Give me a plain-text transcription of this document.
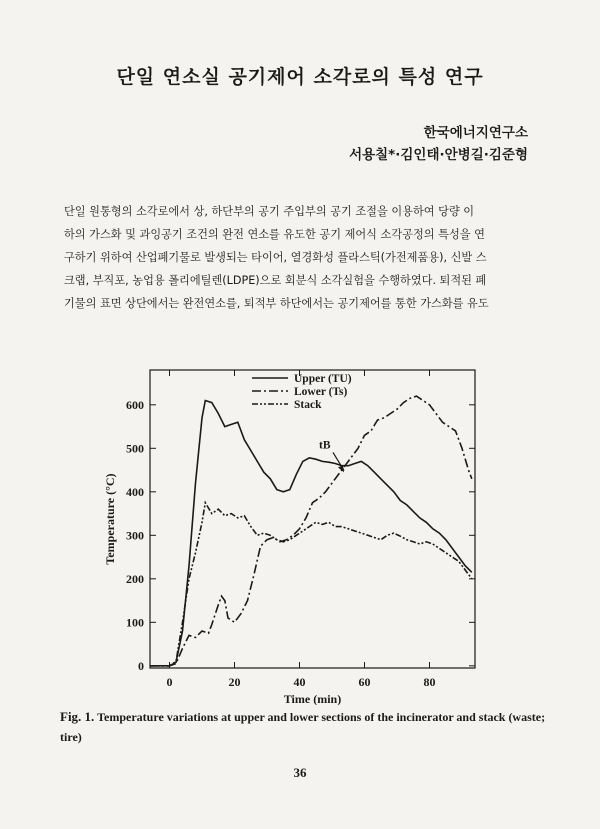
단일 연소실 공기제어 소각로의 특성 연구
한국에너지연구소
서용칠*·김인태·안병길·김준형
단일 원통형의 소각로에서 상, 하단부의 공기 주입부의 공기 조절을 이용하여 당량 이
하의 가스화 및 과잉공기 조건의 완전 연소를 유도한 공기 제어식 소각공정의 특성을 연
구하기 위하여 산업폐기물로 발생되는 타이어, 열경화성 플라스틱(가전제품용), 신발 스
크랩, 부직포, 농업용 폴리에틸렌(LDPE)으로 회분식 소각실험을 수행하였다. 퇴적된 폐
기물의 표면 상단에서는 완전연소를, 퇴적부 하단에서는 공기제어를 통한 가스화를 유도
0	20	40	60	80
0
100
200
300
400
500
600
Time (min)
Temperature (°C)
Upper (TU)
Lower (Ts)
Stack
tB
Fig. 1. Temperature variations at upper and lower sections of the incinerator and stack (waste; tire)
36
